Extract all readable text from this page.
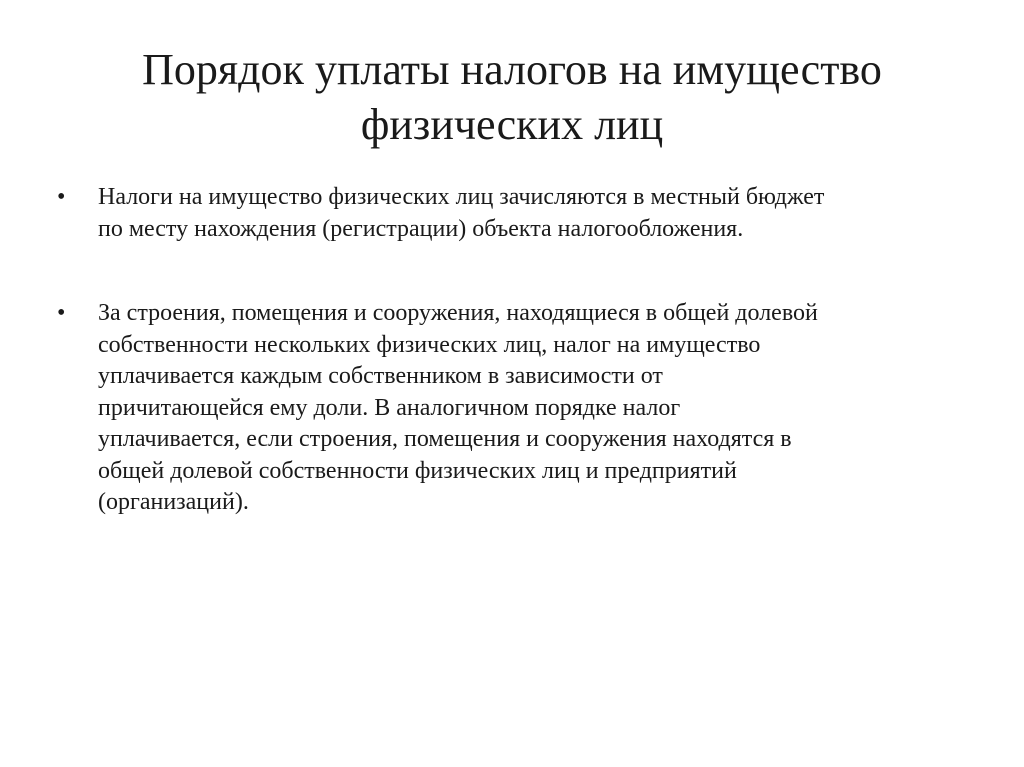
Порядок уплаты налогов на имущество
физических лиц
•	Налоги на имущество физических лиц зачисляются в местный бюджет
по месту нахождения (регистрации) объекта налогообложения.
•	За строения, помещения и сооружения, находящиеся в общей долевой
собственности нескольких физических лиц, налог на имущество
уплачивается каждым собственником в зависимости от
причитающейся ему доли. В аналогичном порядке налог
уплачивается, если строения, помещения и сооружения находятся в
общей долевой собственности физических лиц и предприятий
(организаций).
